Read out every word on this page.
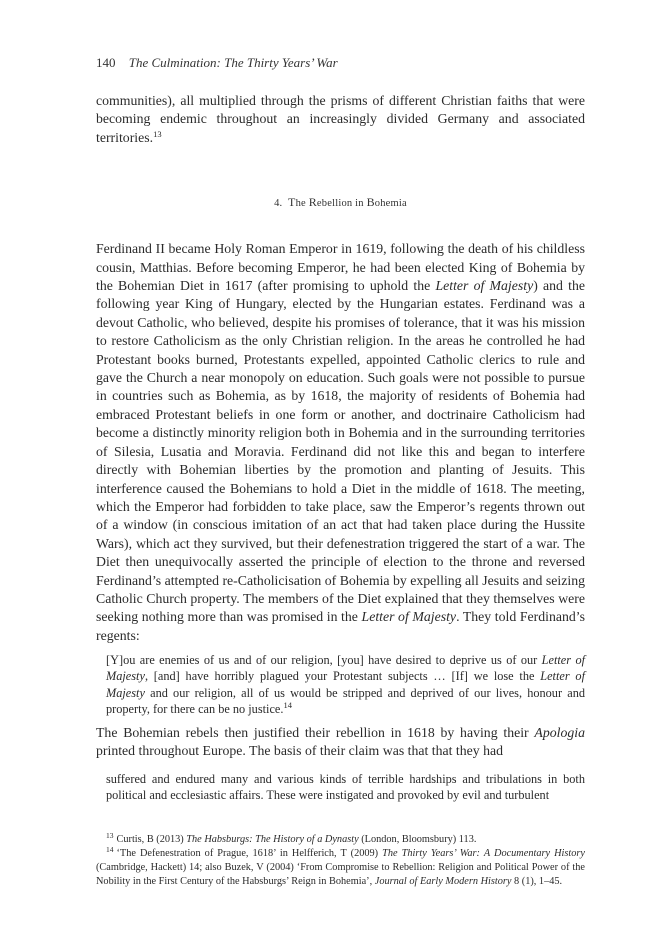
140 The Culmination: The Thirty Years’ War

communities), all multiplied through the prisms of different Christian faiths that were becoming endemic throughout an increasingly divided Germany and associated territories.$^{13}$

4. The Rebellion in Bohemia

Ferdinand II became Holy Roman Emperor in 1619, following the death of his childless cousin, Matthias. Before becoming Emperor, he had been elected King of Bohemia by the Bohemian Diet in 1617 (after promising to uphold the Letter of Majesty) and the following year King of Hungary, elected by the Hungarian estates. Ferdinand was a devout Catholic, who believed, despite his promises of tolerance, that it was his mission to restore Catholicism as the only Christian religion. In the areas he controlled he had Protestant books burned, Protestants expelled, appointed Catholic clerics to rule and gave the Church a near monopoly on education. Such goals were not possible to pursue in countries such as Bohemia, as by 1618, the majority of residents of Bohemia had embraced Protestant beliefs in one form or another, and doctrinaire Catholicism had become a distinctly minority religion both in Bohemia and in the surrounding territories of Silesia, Lusatia and Moravia. Ferdinand did not like this and began to interfere directly with Bohemian liberties by the promotion and planting of Jesuits. This interference caused the Bohemians to hold a Diet in the middle of 1618. The meeting, which the Emperor had forbidden to take place, saw the Emperor’s regents thrown out of a window (in conscious imitation of an act that had taken place during the Hussite Wars), which act they survived, but their defenestration triggered the start of a war. The Diet then unequivocally asserted the principle of election to the throne and reversed Ferdinand’s attempted re-Catholicisation of Bohemia by expelling all Jesuits and seizing Catholic Church property. The members of the Diet explained that they themselves were seeking nothing more than was promised in the Letter of Majesty. They told Ferdinand’s regents:

[Y]ou are enemies of us and of our religion, [you] have desired to deprive us of our Letter of Majesty, [and] have horribly plagued your Protestant subjects … [If] we lose the Letter of Majesty and our religion, all of us would be stripped and deprived of our lives, honour and property, for there can be no justice.$^{14}$

The Bohemian rebels then justified their rebellion in 1618 by having their Apologia printed throughout Europe. The basis of their claim was that that they had

suffered and endured many and various kinds of terrible hardships and tribulations in both political and ecclesiastic affairs. These were instigated and provoked by evil and turbulent

$^{13}$ Curtis, B (2013) The Habsburgs: The History of a Dynasty (London, Bloomsbury) 113.

$^{14}$ ‘The Defenestration of Prague, 1618’ in Helfferich, T (2009) The Thirty Years’ War: A Documentary History (Cambridge, Hackett) 14; also Buzek, V (2004) ‘From Compromise to Rebellion: Religion and Political Power of the Nobility in the First Century of the Habsburgs’ Reign in Bohemia’, Journal of Early Modern History 8 (1), 1–45.
